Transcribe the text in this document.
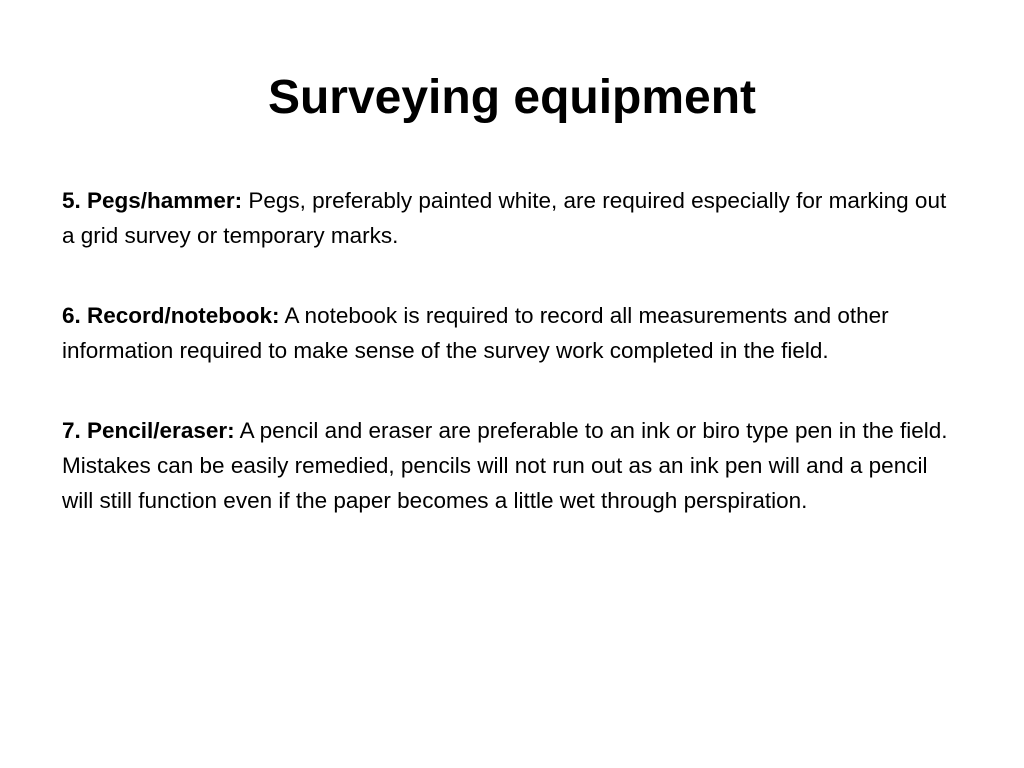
Surveying equipment

5. Pegs/hammer: Pegs, preferably painted white, are required especially for marking out a grid survey or temporary marks.

6. Record/notebook: A notebook is required to record all measurements and other information required to make sense of the survey work completed in the field.

7. Pencil/eraser: A pencil and eraser are preferable to an ink or biro type pen in the field. Mistakes can be easily remedied, pencils will not run out as an ink pen will and a pencil will still function even if the paper becomes a little wet through perspiration.
